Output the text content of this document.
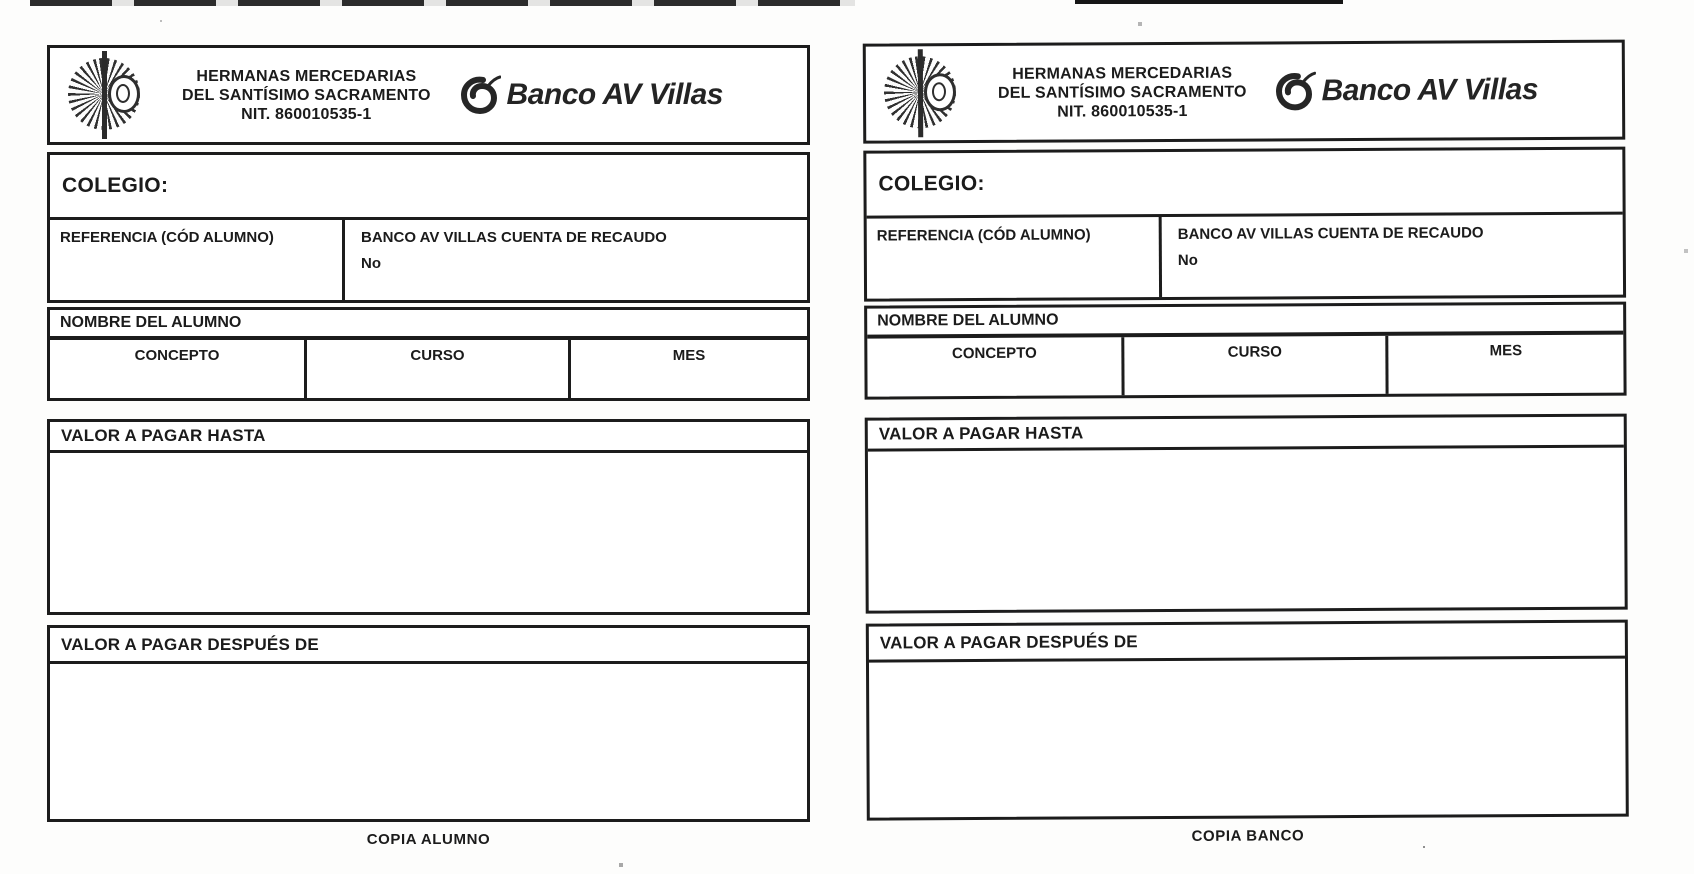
HERMANAS MERCEDARIAS
DEL SANTÍSIMO SACRAMENTO
NIT. 860010535-1
Banco AV Villas
COLEGIO:
REFERENCIA (CÓD ALUMNO)	BANCO AV VILLAS CUENTA DE RECAUDO
No
NOMBRE DEL ALUMNO
CONCEPTO	CURSO	MES
VALOR A PAGAR HASTA
VALOR A PAGAR DESPUÉS DE
COPIA ALUMNO
HERMANAS MERCEDARIAS
DEL SANTÍSIMO SACRAMENTO
NIT. 860010535-1
Banco AV Villas
COLEGIO:
REFERENCIA (CÓD ALUMNO)	BANCO AV VILLAS CUENTA DE RECAUDO
No
NOMBRE DEL ALUMNO
CONCEPTO	CURSO	MES
VALOR A PAGAR HASTA
VALOR A PAGAR DESPUÉS DE
COPIA BANCO
